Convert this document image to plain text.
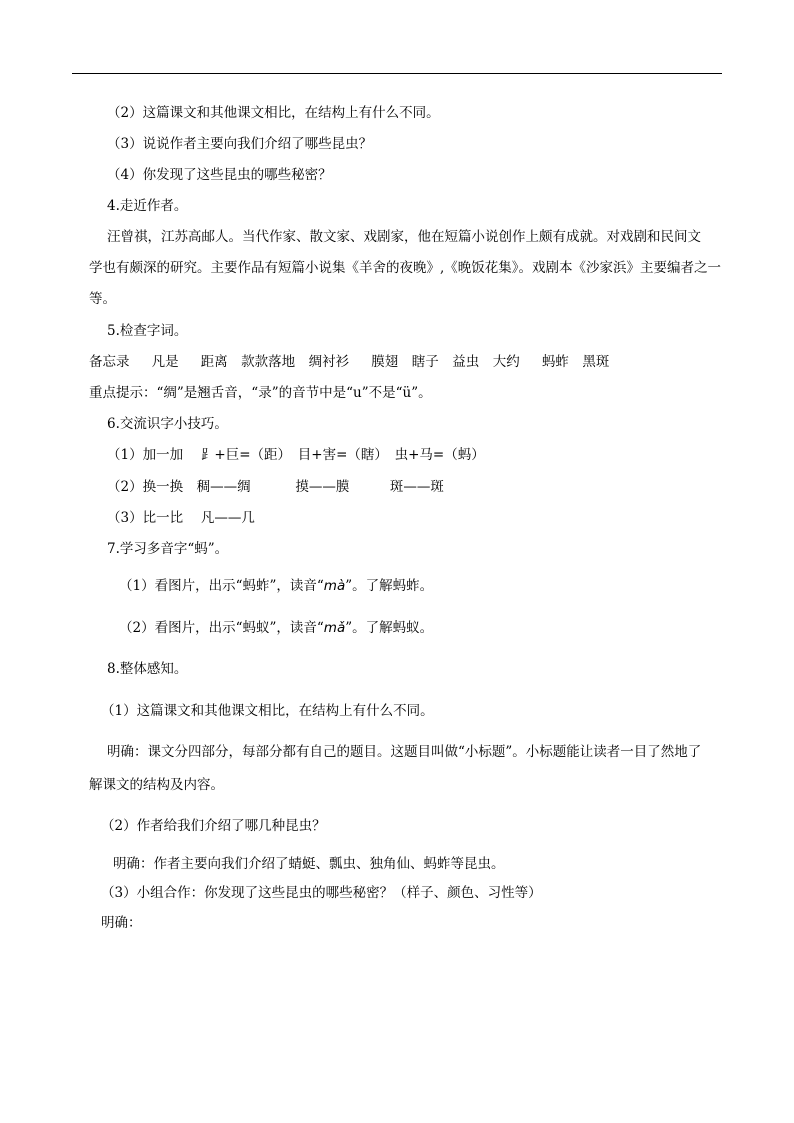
（2）这篇课文和其他课文相比，在结构上有什么不同。
（3）说说作者主要向我们介绍了哪些昆虫？
（4）你发现了这些昆虫的哪些秘密？
4.走近作者。
汪曾祺，江苏高邮人。当代作家、散文家、戏剧家，他在短篇小说创作上颇有成就。对戏剧和民间文
学也有颇深的研究。主要作品有短篇小说集《羊舍的夜晚》,《晚饭花集》。戏剧本《沙家浜》主要编者之一
等。
5.检查字词。
备忘录　  凡是　  距离　款款落地　绸衬衫　  膜翅　瞎子　益虫　大约　  蚂蚱　黑斑
重点提示：“绸”是翘舌音，“录”的音节中是“u”不是“ü”。
6.交流识字小技巧。
（1）加一加　 ⻊+巨=（距）　目+害=（瞎）　虫+马=（蚂）
（2）换一换　稠——绸　　　 摸——膜　　　斑——斑
（3）比一比　 凡——几
7.学习多音字“蚂”。
（1）看图片，出示“蚂蚱”，读音“mà”。了解蚂蚱。
（2）看图片，出示“蚂蚁”，读音“mǎ”。了解蚂蚁。
8.整体感知。
（1）这篇课文和其他课文相比，在结构上有什么不同。
明确：课文分四部分，每部分都有自己的题目。这题目叫做“小标题”。小标题能让读者一目了然地了
解课文的结构及内容。
（2）作者给我们介绍了哪几种昆虫？
明确：作者主要向我们介绍了蜻蜓、瓢虫、独角仙、蚂蚱等昆虫。
（3）小组合作：你发现了这些昆虫的哪些秘密？（样子、颜色、习性等）
明确：
